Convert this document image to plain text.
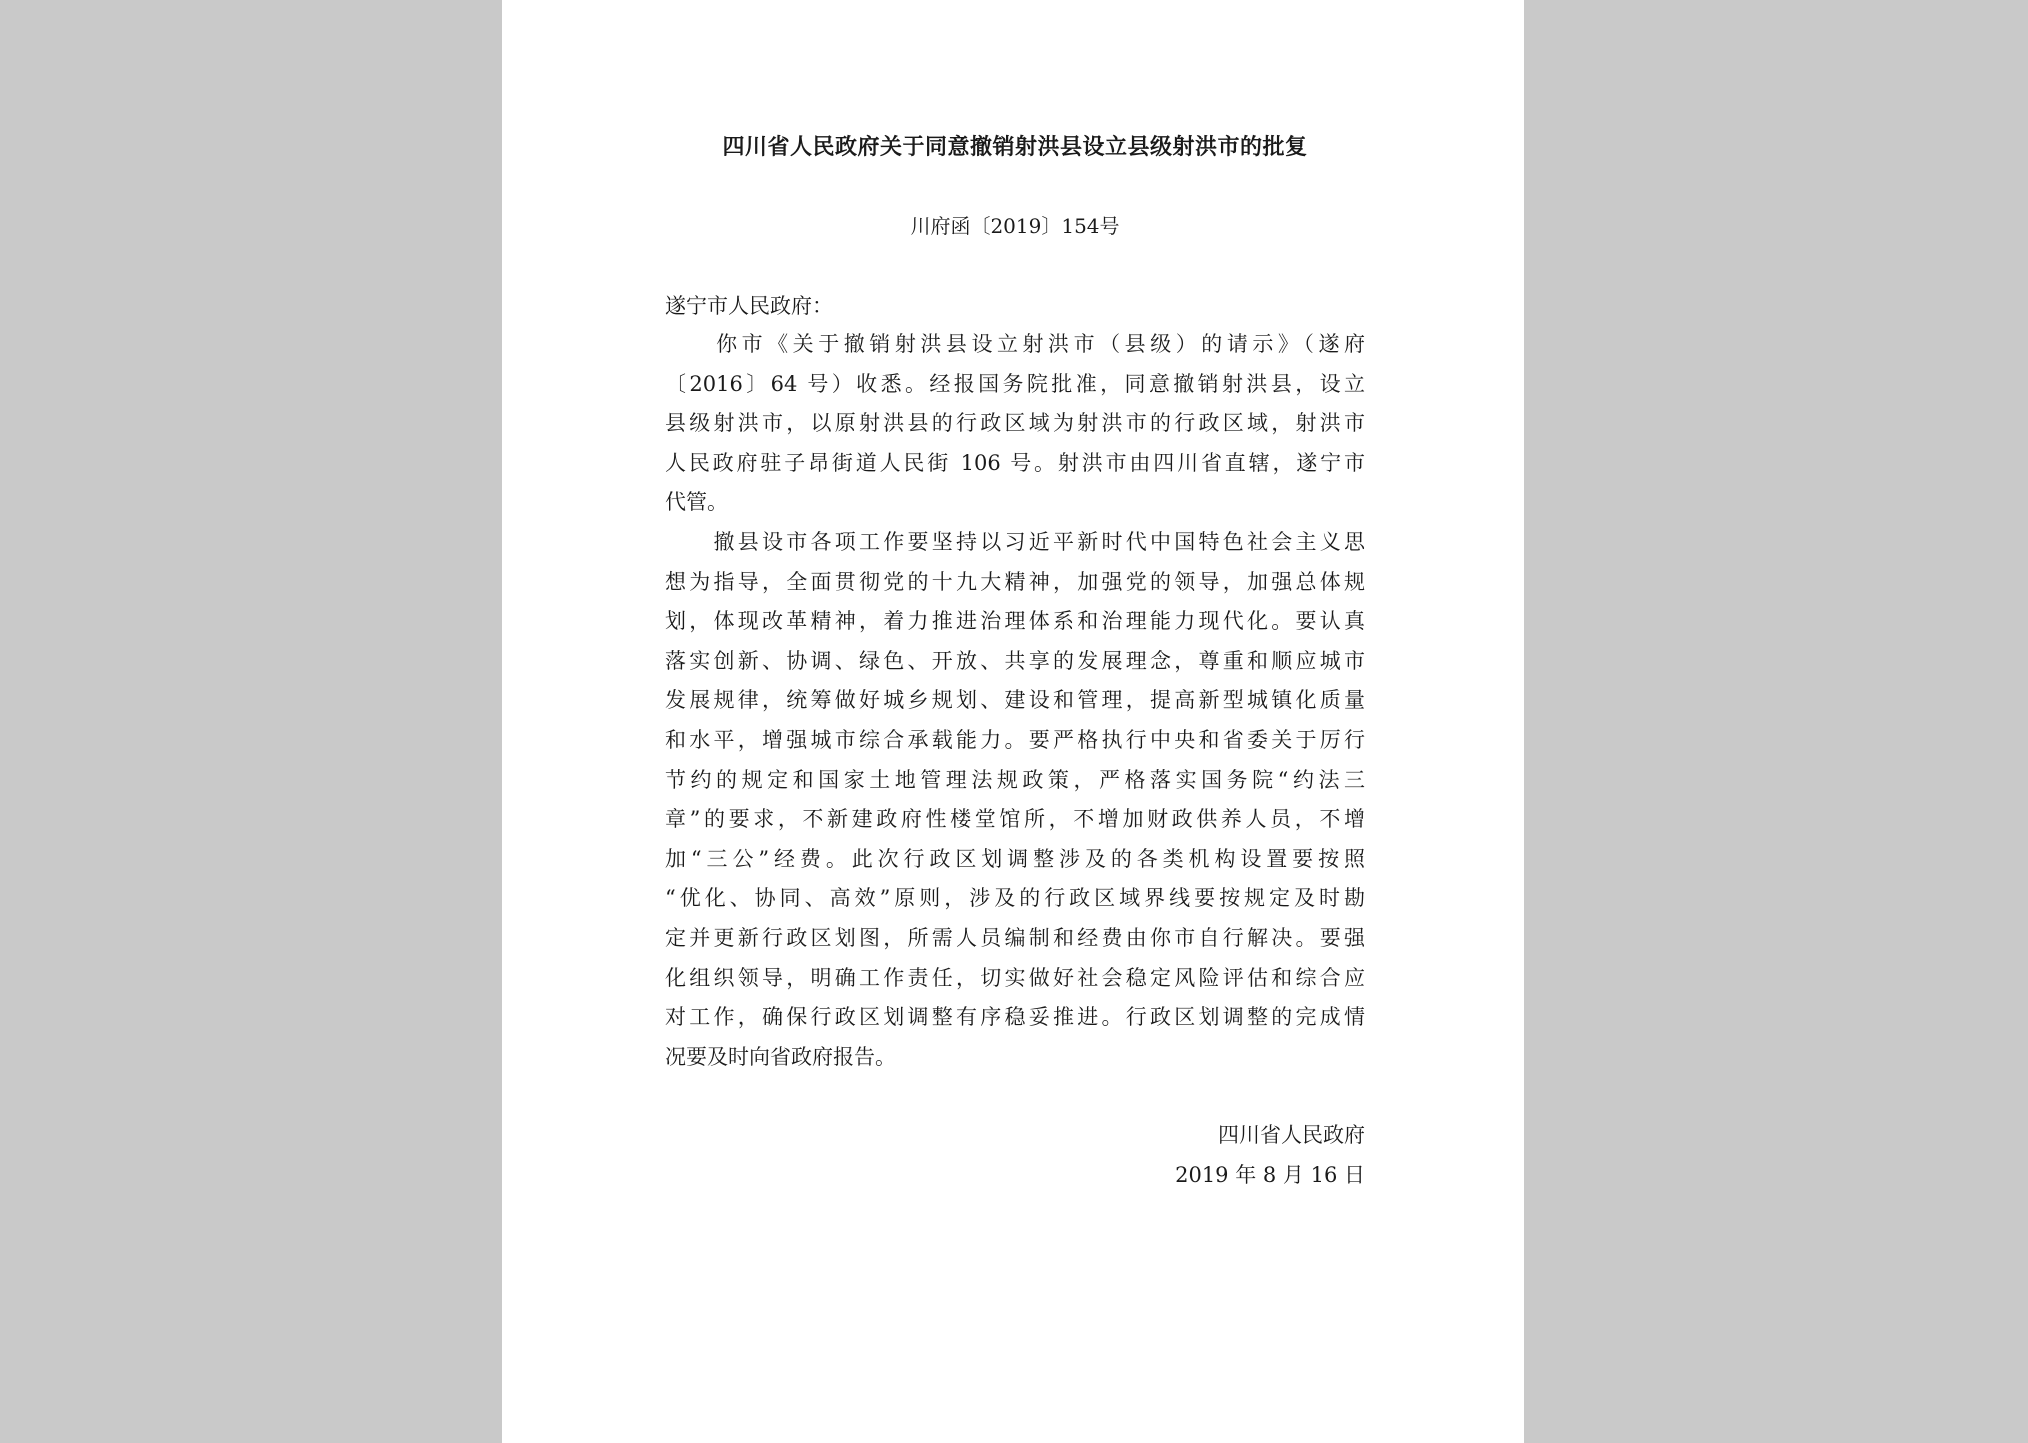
四川省人民政府关于同意撤销射洪县设立县级射洪市的批复
川府函〔2019〕154号
遂宁市人民政府：
　　你市《关于撤销射洪县设立射洪市（县级）的请示》（遂府
〔2016〕64 号）收悉。经报国务院批准，同意撤销射洪县，设立
县级射洪市，以原射洪县的行政区域为射洪市的行政区域，射洪市
人民政府驻子昂街道人民街 106 号。射洪市由四川省直辖，遂宁市
代管。
　　撤县设市各项工作要坚持以习近平新时代中国特色社会主义思
想为指导，全面贯彻党的十九大精神，加强党的领导，加强总体规
划，体现改革精神，着力推进治理体系和治理能力现代化。要认真
落实创新、协调、绿色、开放、共享的发展理念，尊重和顺应城市
发展规律，统筹做好城乡规划、建设和管理，提高新型城镇化质量
和水平，增强城市综合承载能力。要严格执行中央和省委关于厉行
节约的规定和国家土地管理法规政策，严格落实国务院“约法三
章”的要求，不新建政府性楼堂馆所，不增加财政供养人员，不增
加“三公”经费。此次行政区划调整涉及的各类机构设置要按照
“优化、协同、高效”原则，涉及的行政区域界线要按规定及时勘
定并更新行政区划图，所需人员编制和经费由你市自行解决。要强
化组织领导，明确工作责任，切实做好社会稳定风险评估和综合应
对工作，确保行政区划调整有序稳妥推进。行政区划调整的完成情
况要及时向省政府报告。
四川省人民政府
2019 年 8 月 16 日
